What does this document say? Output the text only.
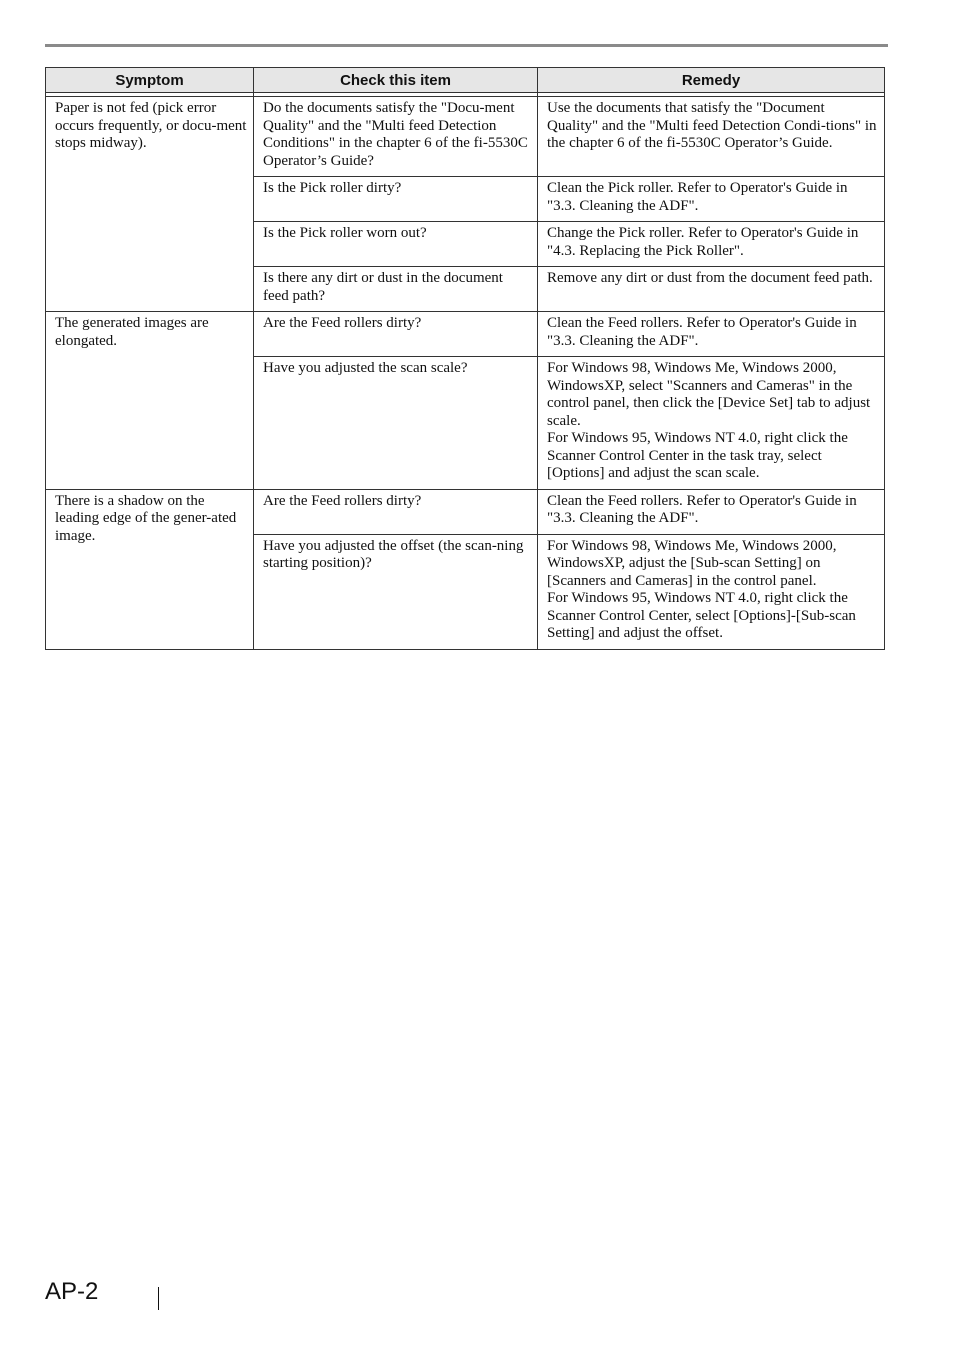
Symptom	Check this item	Remedy

Paper is not fed (pick error occurs frequently, or docu-ment stops midway).	Do the documents satisfy the "Docu-ment Quality" and the "Multi feed Detection Conditions" in the chapter 6 of the fi-5530C Operator’s Guide?	Use the documents that satisfy the "Document Quality" and the "Multi feed Detection Condi-tions" in the chapter 6 of the fi-5530C Operator’s Guide.
	Is the Pick roller dirty?	Clean the Pick roller. Refer to Operator's Guide in "3.3. Cleaning the ADF".
	Is the Pick roller worn out?	Change the Pick roller. Refer to Operator's Guide in "4.3. Replacing the Pick Roller".
	Is there any dirt or dust in the document feed path?	Remove any dirt or dust from the document feed path.
The generated images are elongated.	Are the Feed rollers dirty?	Clean the Feed rollers. Refer to Operator's Guide in "3.3. Cleaning the ADF".
	Have you adjusted the scan scale?	For Windows 98, Windows Me, Windows 2000, WindowsXP, select "Scanners and Cameras" in the control panel, then click the [Device Set] tab to adjust scale.
For Windows 95, Windows NT 4.0, right click the Scanner Control Center in the task tray, select [Options] and adjust the scan scale.
There is a shadow on the leading edge of the gener-ated image.	Are the Feed rollers dirty?	Clean the Feed rollers. Refer to Operator's Guide in "3.3. Cleaning the ADF".
	Have you adjusted the offset (the scan-ning starting position)?	For Windows 98, Windows Me, Windows 2000, WindowsXP, adjust the [Sub-scan Setting] on [Scanners and Cameras] in the control panel.
For Windows 95, Windows NT 4.0, right click the Scanner Control Center, select [Options]-[Sub-scan Setting] and adjust the offset.
AP-2
